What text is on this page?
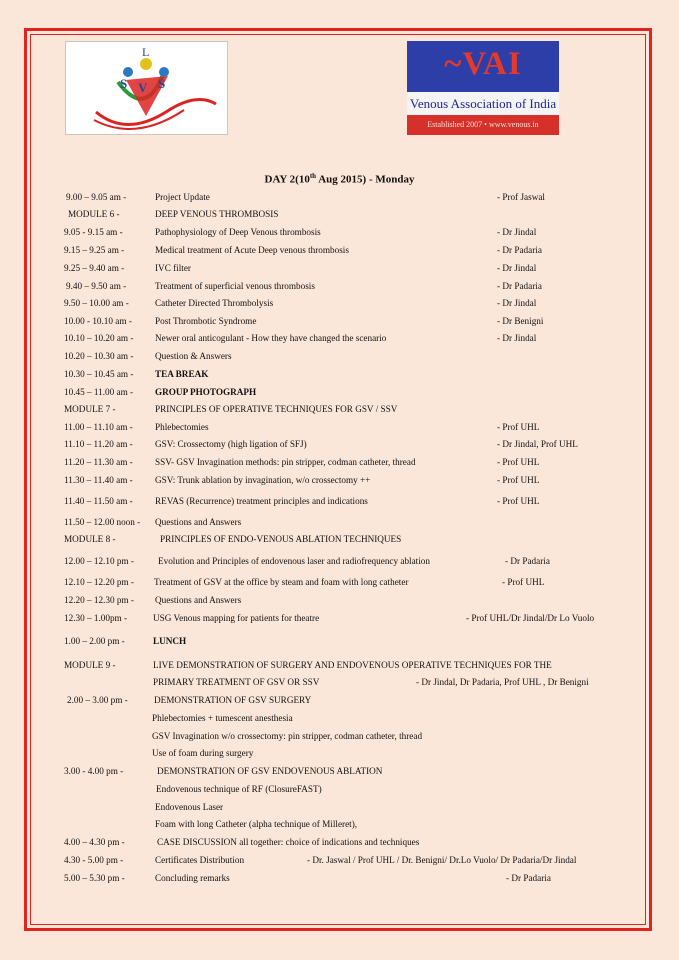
L
S V S
~VAI
Venous Association of India
Established 2007 • www.venous.in
DAY 2(10th Aug 2015) - Monday
9.00 – 9.05 am -	Project Update	- Prof Jaswal
MODULE 6 -	DEEP VENOUS THROMBOSIS
9.05 - 9.15 am -	Pathophysiology of Deep Venous thrombosis	- Dr Jindal
9.15 – 9.25 am -	Medical treatment of Acute Deep venous thrombosis	- Dr Padaria
9.25 – 9.40 am -	IVC filter	- Dr Jindal
9.40 – 9.50 am -	Treatment of superficial venous thrombosis	- Dr Padaria
9.50 – 10.00 am -	Catheter Directed Thrombolysis	- Dr Jindal
10.00 - 10.10 am -	Post Thrombotic Syndrome	- Dr Benigni
10.10 – 10.20 am - Newer oral anticogulant - How they have changed the scenario	- Dr Jindal
10.20 – 10.30 am - Question & Answers
10.30 – 10.45 am - TEA BREAK
10.45 – 11.00 am - GROUP PHOTOGRAPH
MODULE 7 -	PRINCIPLES OF OPERATIVE TECHNIQUES FOR GSV / SSV
11.00 – 11.10 am - Phlebectomies	- Prof UHL
11.10 – 11.20 am - GSV: Crossectomy (high ligation of SFJ)	- Dr Jindal, Prof UHL
11.20 – 11.30 am - SSV- GSV Invagination methods: pin stripper, codman catheter, thread	- Prof UHL
11.30 – 11.40 am - GSV: Trunk ablation by invagination, w/o crossectomy ++	- Prof UHL
11.40 – 11.50 am - REVAS (Recurrence) treatment principles and indications	- Prof UHL
11.50 – 12.00 noon - Questions and Answers
MODULE 8 -	PRINCIPLES OF ENDO-VENOUS ABLATION TECHNIQUES
12.00 – 12.10 pm -	Evolution and Principles of endovenous laser and radiofrequency ablation	- Dr Padaria
12.10 – 12.20 pm - Treatment of GSV at the office by steam and foam with long catheter	- Prof UHL
12.20 – 12.30 pm - Questions and Answers
12.30 – 1.00pm -	USG Venous mapping for patients for theatre	- Prof UHL/Dr Jindal/Dr Lo Vuolo
1.00 – 2.00 pm -	LUNCH
MODULE 9 -	LIVE DEMONSTRATION OF SURGERY AND ENDOVENOUS OPERATIVE TECHNIQUES FOR THE
PRIMARY TREATMENT OF GSV OR SSV	- Dr Jindal, Dr Padaria, Prof UHL , Dr Benigni
2.00 – 3.00 pm -	DEMONSTRATION OF GSV SURGERY
Phlebectomies + tumescent anesthesia
GSV Invagination w/o crossectomy: pin stripper, codman catheter, thread
Use of foam during surgery
3.00 - 4.00 pm -	DEMONSTRATION OF GSV ENDOVENOUS ABLATION
Endovenous technique of RF (ClosureFAST)
Endovenous Laser
Foam with long Catheter (alpha technique of Milleret),
4.00 – 4.30 pm -	CASE DISCUSSION all together: choice of indications and techniques
4.30 - 5.00 pm -	Certificates Distribution	- Dr. Jaswal / Prof UHL / Dr. Benigni/ Dr.Lo Vuolo/ Dr Padaria/Dr Jindal
5.00 – 5.30 pm -	Concluding remarks	- Dr Padaria
